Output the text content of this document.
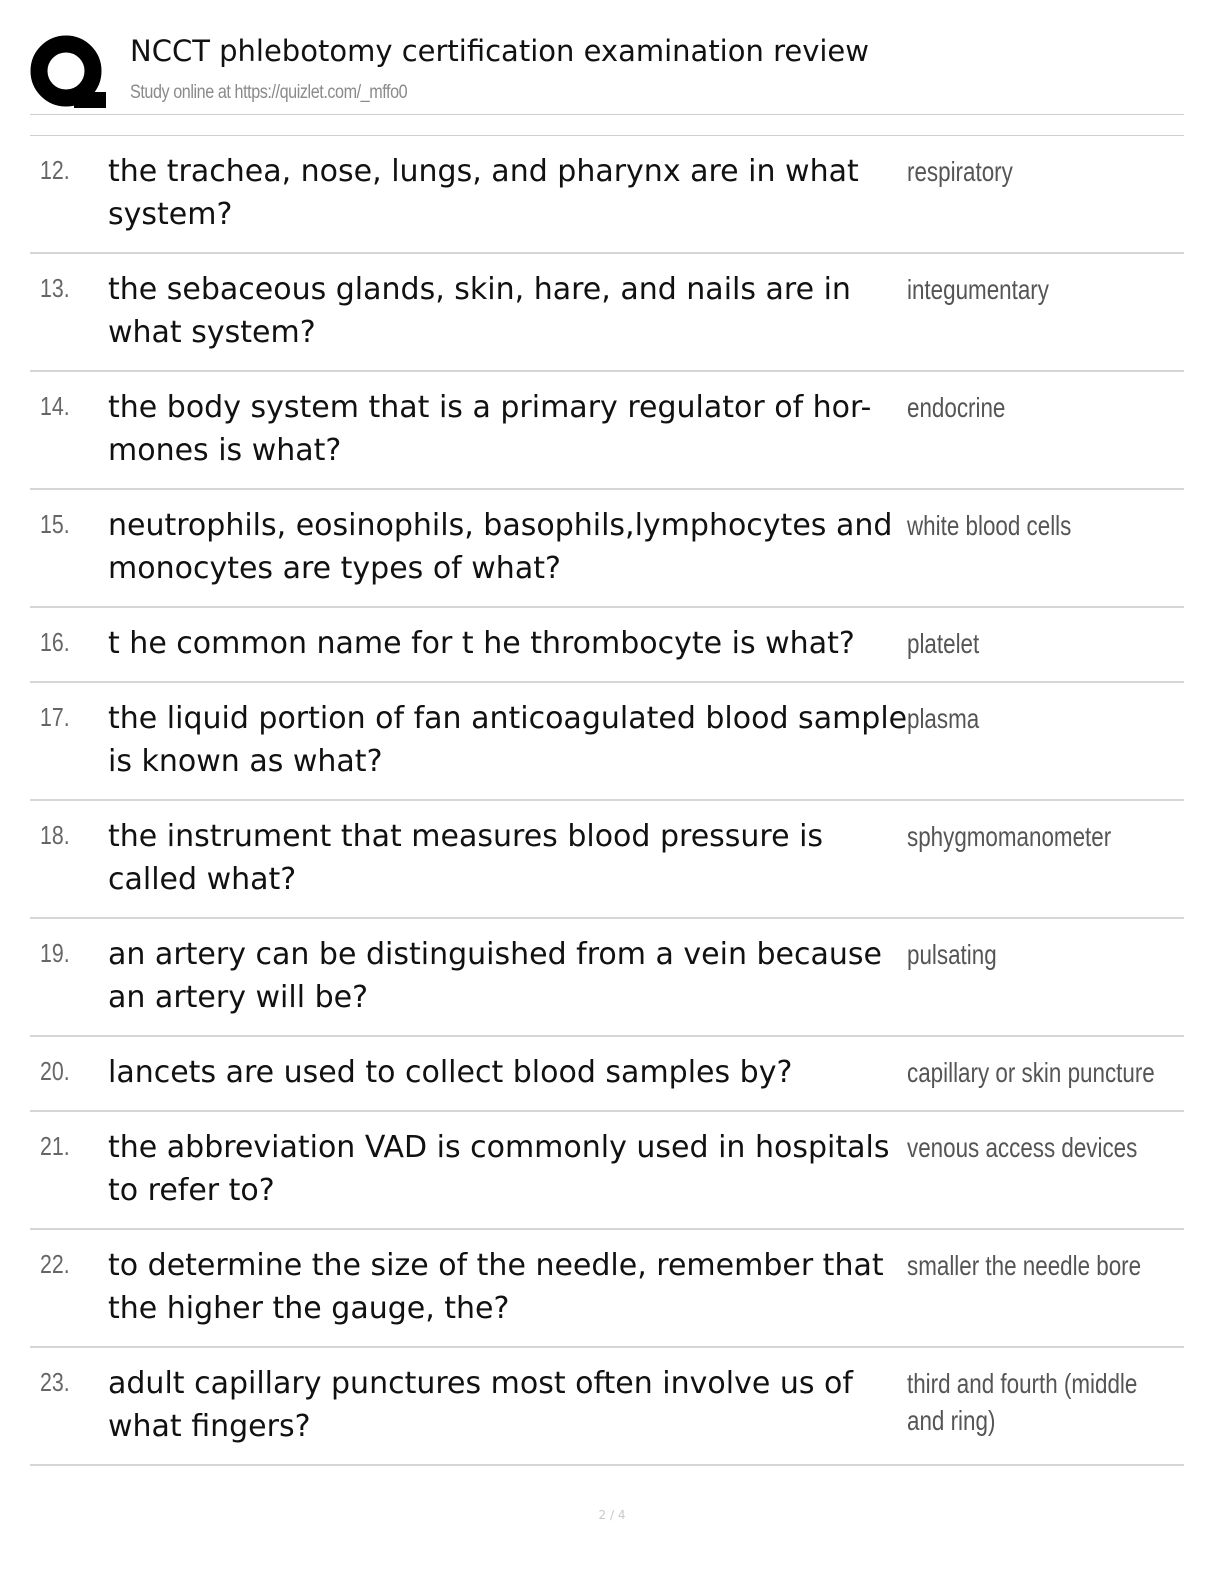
NCCT phlebotomy certification examination review
Study online at https://quizlet.com/_mffo0
12. the trachea, nose, lungs, and pharynx are in what system?
respiratory
13. the sebaceous glands, skin, hare, and nails are in what system?
integumentary
14. the body system that is a primary regulator of hor- mones is what?
endocrine
15. neutrophils, eosinophils, basophils,lymphocytes and monocytes are types of what?
white blood cells
16. t he common name for t he thrombocyte is what?	platelet
17. the liquid portion of fan anticoagulated blood sample is known as what?
plasma
18. the instrument that measures blood pressure is called what?
sphygmomanometer
19. an artery can be distinguished from a vein because an artery will be?
pulsating
20. lancets are used to collect blood samples by?	capillary or skin puncture
21. the abbreviation VAD is commonly used in hospitals to refer to?
venous access devices
22. to determine the size of the needle, remember that the higher the gauge, the?
smaller the needle bore
23. adult capillary punctures most often involve us of what fingers?
third and fourth (middle and ring)
2 / 4
